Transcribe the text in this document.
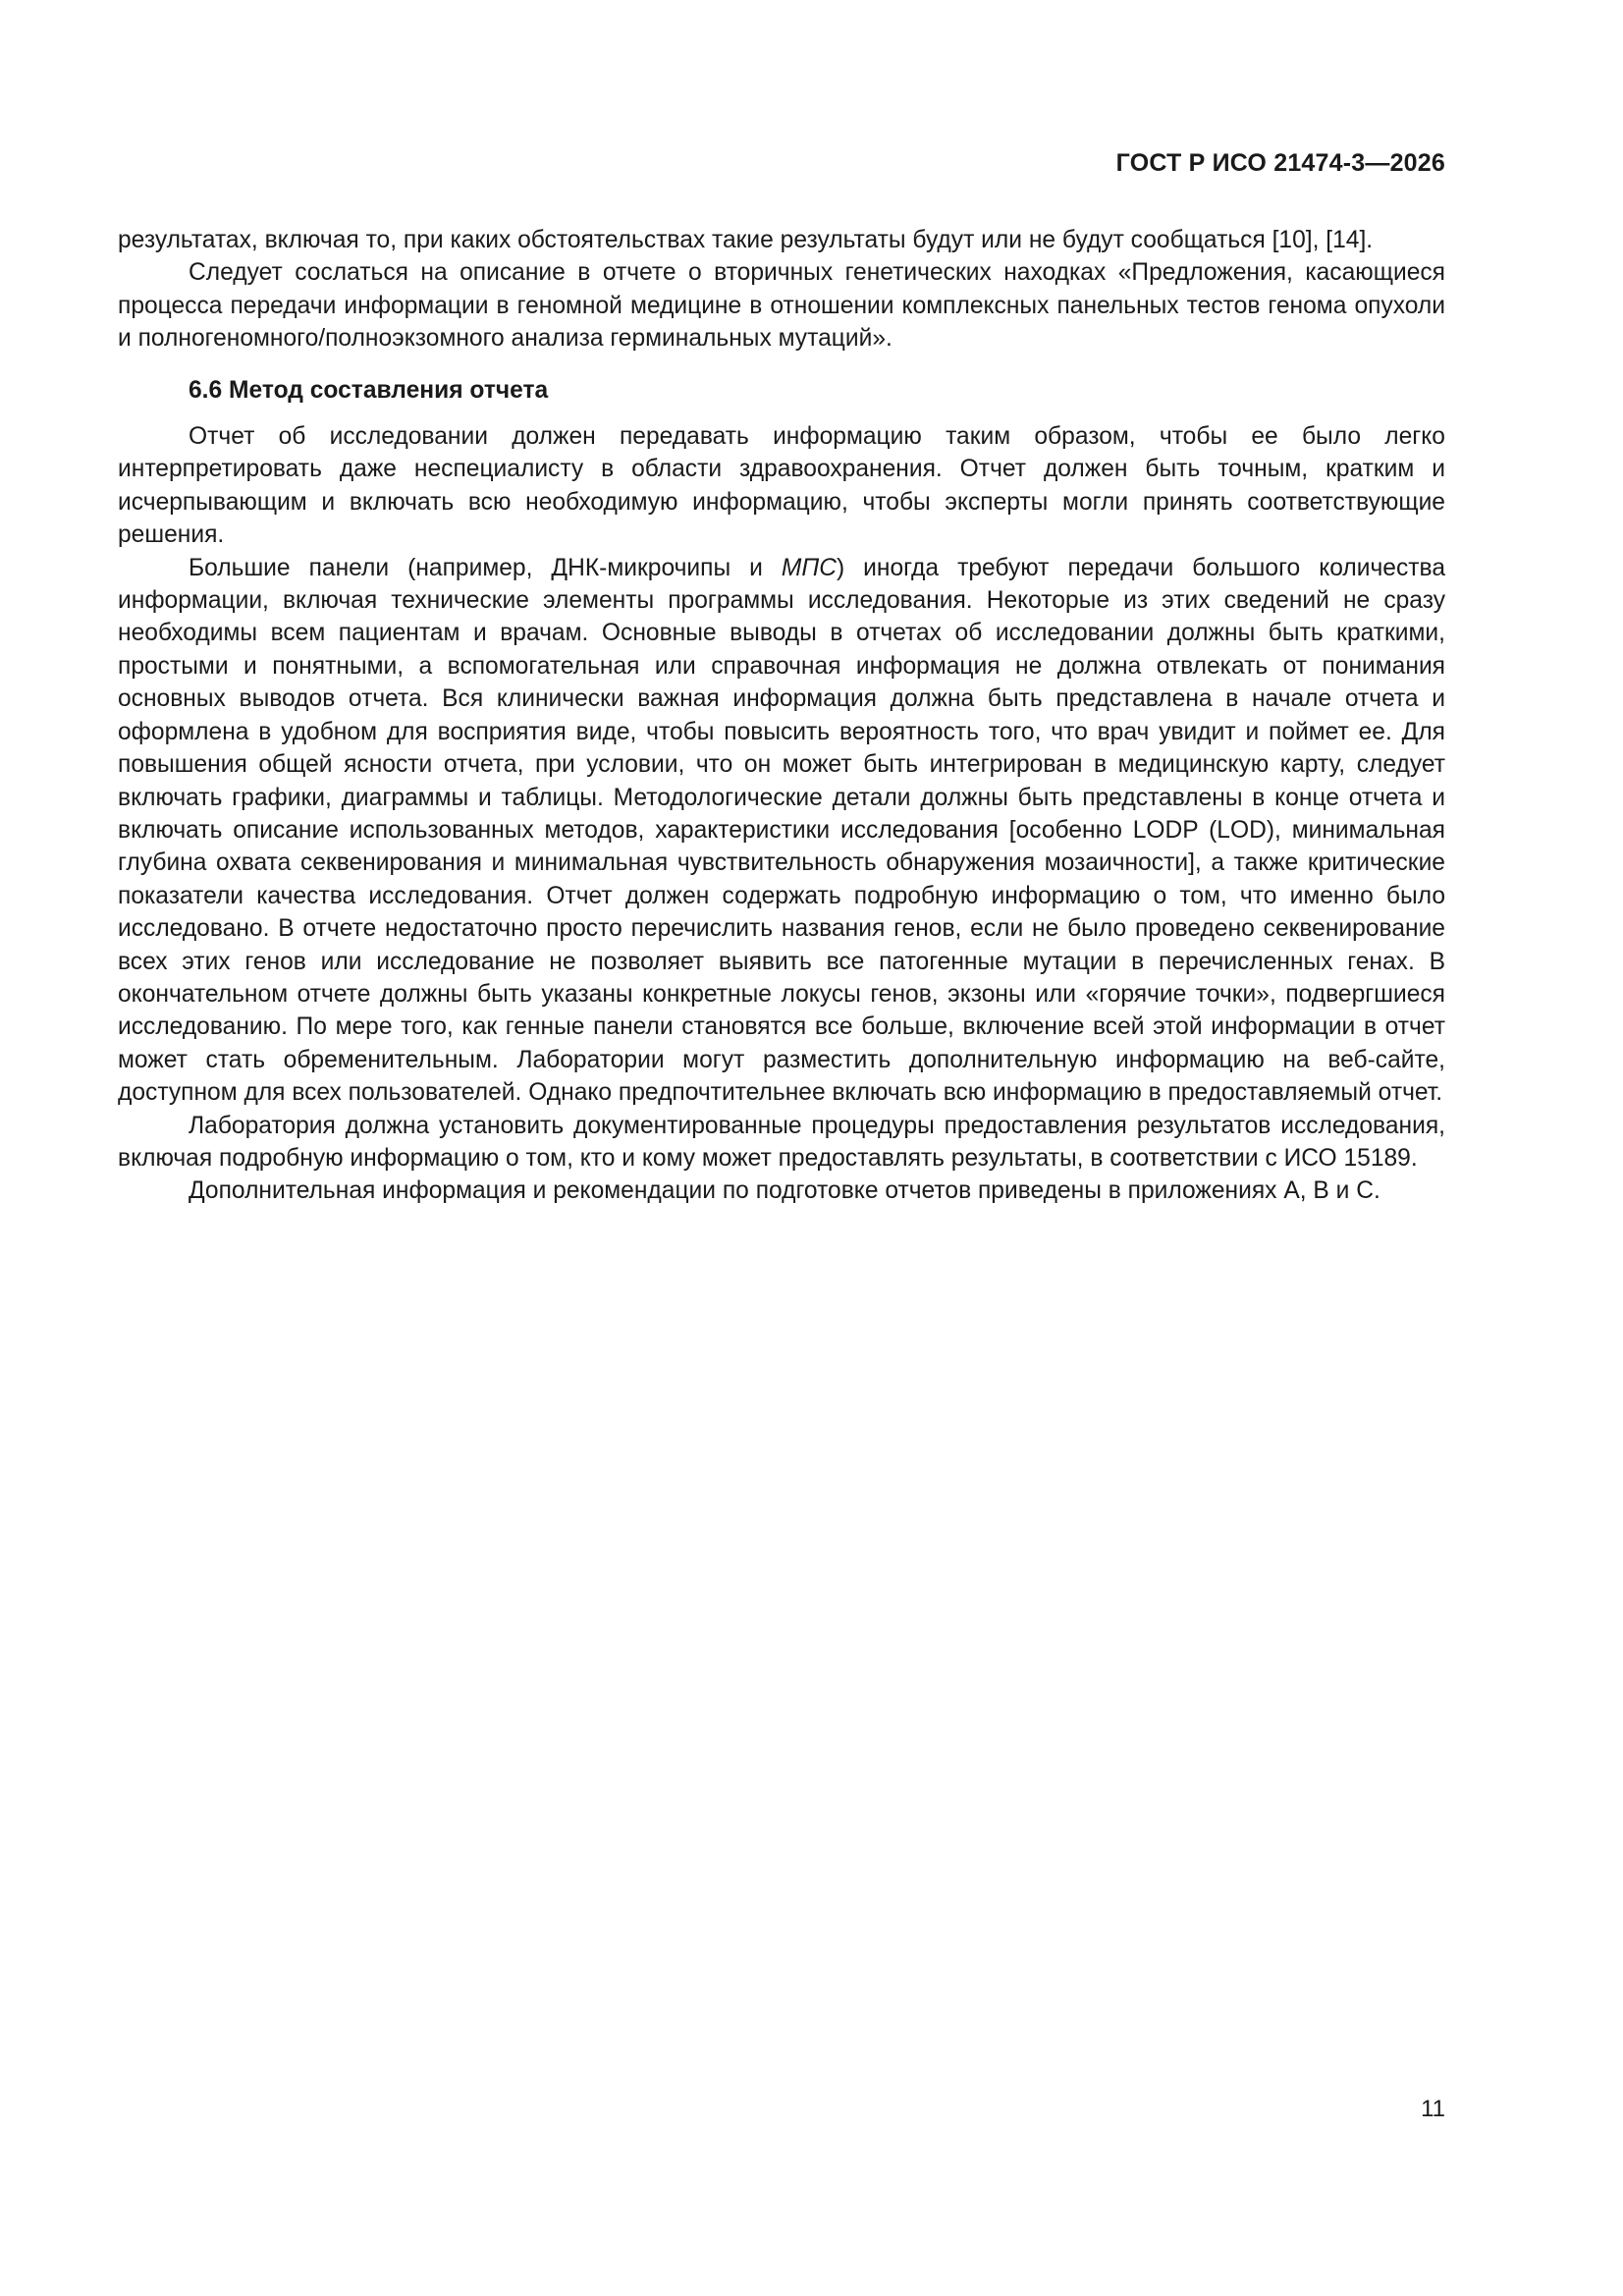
ГОСТ Р ИСО 21474-3—2026

результатах, включая то, при каких обстоятельствах такие результаты будут или не будут сообщаться [10], [14].

Следует сослаться на описание в отчете о вторичных генетических находках «Предложения, касающиеся процесса передачи информации в геномной медицине в отношении комплексных панельных тестов генома опухоли и полногеномного/полноэкзомного анализа герминальных мутаций».

6.6 Метод составления отчета

Отчет об исследовании должен передавать информацию таким образом, чтобы ее было легко интерпретировать даже неспециалисту в области здравоохранения. Отчет должен быть точным, кратким и исчерпывающим и включать всю необходимую информацию, чтобы эксперты могли принять соответствующие решения.

Большие панели (например, ДНК-микрочипы и МПС) иногда требуют передачи большого количества информации, включая технические элементы программы исследования. Некоторые из этих сведений не сразу необходимы всем пациентам и врачам. Основные выводы в отчетах об исследовании должны быть краткими, простыми и понятными, а вспомогательная или справочная информация не должна отвлекать от понимания основных выводов отчета. Вся клинически важная информация должна быть представлена в начале отчета и оформлена в удобном для восприятия виде, чтобы повысить вероятность того, что врач увидит и поймет ее. Для повышения общей ясности отчета, при условии, что он может быть интегрирован в медицинскую карту, следует включать графики, диаграммы и таблицы. Методологические детали должны быть представлены в конце отчета и включать описание использованных методов, характеристики исследования [особенно LODP (LOD), минимальная глубина охвата секвенирования и минимальная чувствительность обнаружения мозаичности], а также критические показатели качества исследования. Отчет должен содержать подробную информацию о том, что именно было исследовано. В отчете недостаточно просто перечислить названия генов, если не было проведено секвенирование всех этих генов или исследование не позволяет выявить все патогенные мутации в перечисленных генах. В окончательном отчете должны быть указаны конкретные локусы генов, экзоны или «горячие точки», подвергшиеся исследованию. По мере того, как генные панели становятся все больше, включение всей этой информации в отчет может стать обременительным. Лаборатории могут разместить дополнительную информацию на веб-сайте, доступном для всех пользователей. Однако предпочтительнее включать всю информацию в предоставляемый отчет.

Лаборатория должна установить документированные процедуры предоставления результатов исследования, включая подробную информацию о том, кто и кому может предоставлять результаты, в соответствии с ИСО 15189.

Дополнительная информация и рекомендации по подготовке отчетов приведены в приложениях А, В и С.

11
